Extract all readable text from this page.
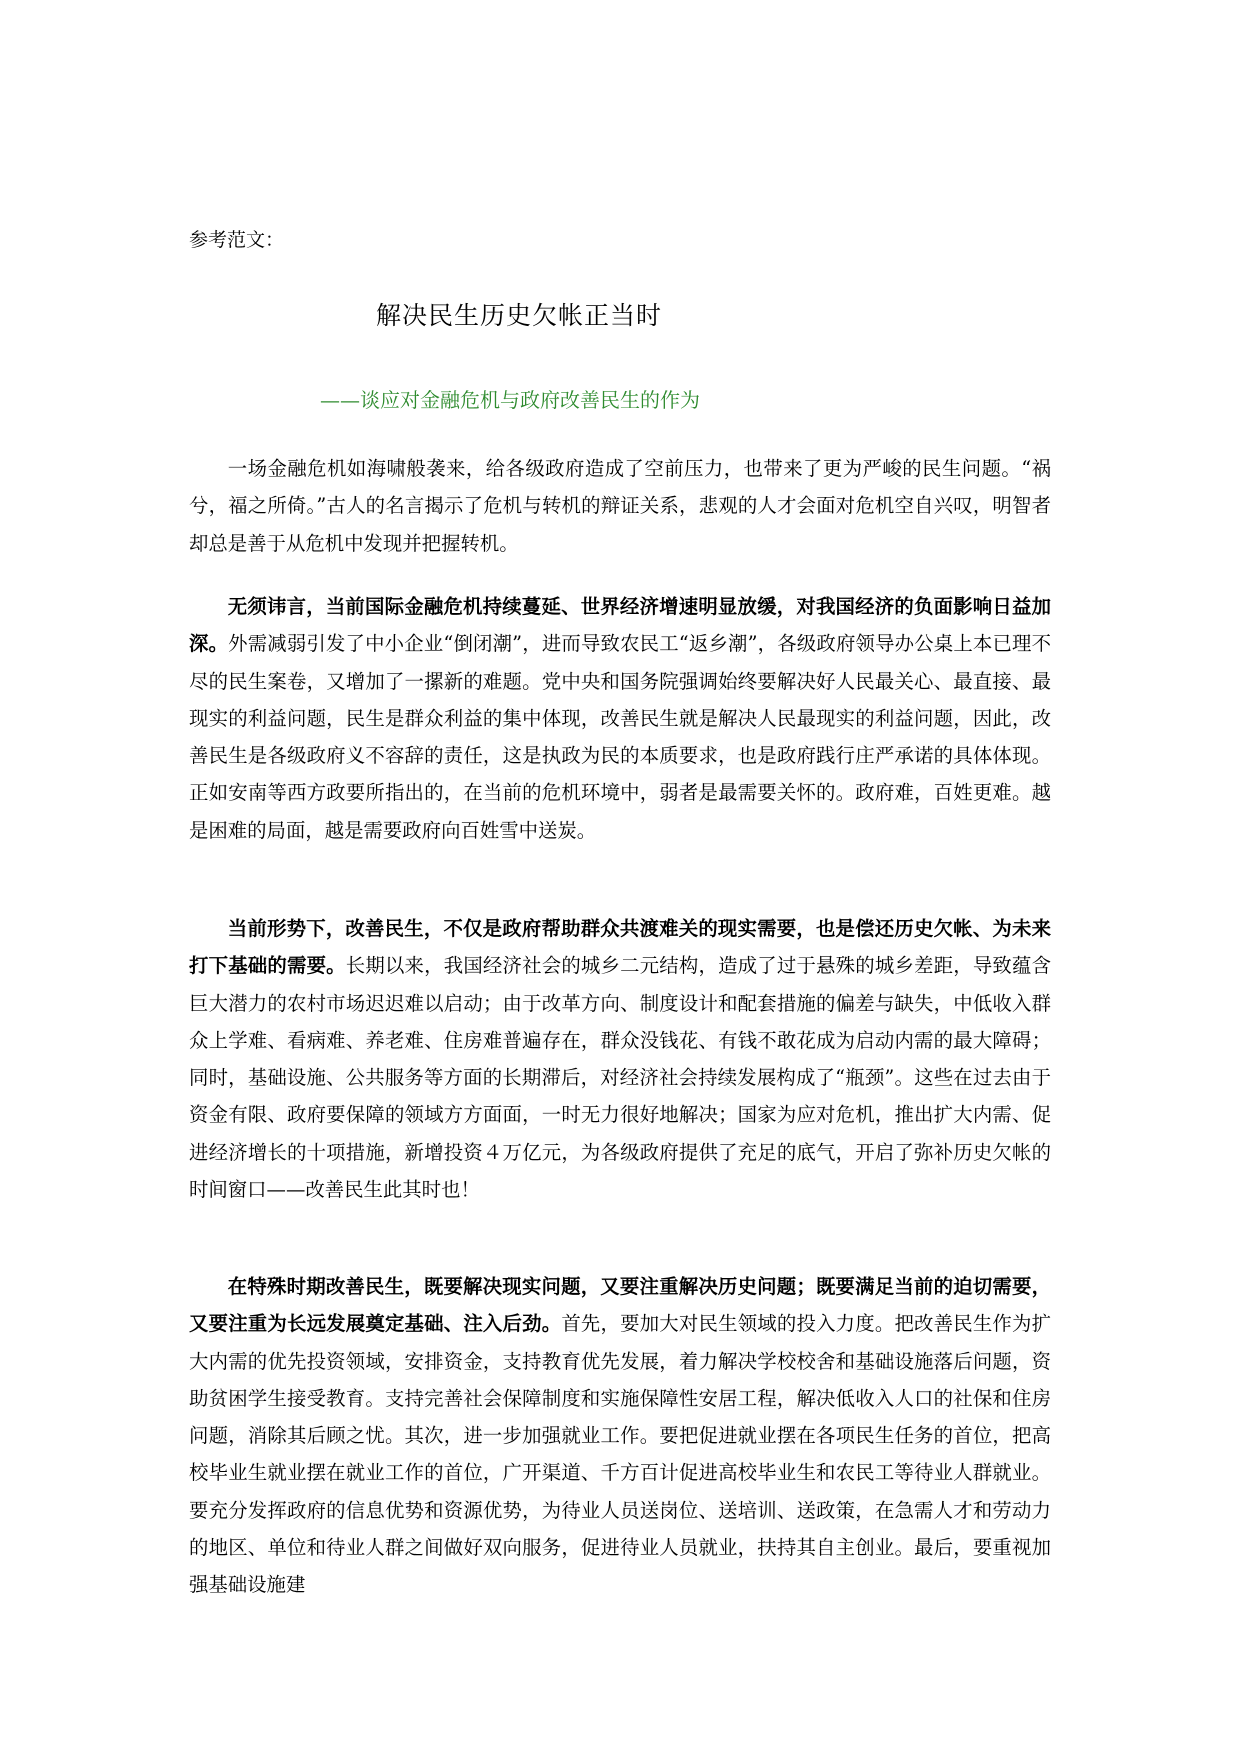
参考范文：
解决民生历史欠帐正当时
——谈应对金融危机与政府改善民生的作为

一场金融危机如海啸般袭来，给各级政府造成了空前压力，也带来了更为严峻的民生问题。“祸兮，福之所倚。”古人的名言揭示了危机与转机的辩证关系，悲观的人才会面对危机空自兴叹，明智者却总是善于从危机中发现并把握转机。

无须讳言，当前国际金融危机持续蔓延、世界经济增速明显放缓，对我国经济的负面影响日益加深。外需减弱引发了中小企业“倒闭潮”，进而导致农民工“返乡潮”，各级政府领导办公桌上本已理不尽的民生案卷，又增加了一摞新的难题。党中央和国务院强调始终要解决好人民最关心、最直接、最现实的利益问题，民生是群众利益的集中体现，改善民生就是解决人民最现实的利益问题，因此，改善民生是各级政府义不容辞的责任，这是执政为民的本质要求，也是政府践行庄严承诺的具体体现。正如安南等西方政要所指出的，在当前的危机环境中，弱者是最需要关怀的。政府难，百姓更难。越是困难的局面，越是需要政府向百姓雪中送炭。

当前形势下，改善民生，不仅是政府帮助群众共渡难关的现实需要，也是偿还历史欠帐、为未来打下基础的需要。长期以来，我国经济社会的城乡二元结构，造成了过于悬殊的城乡差距，导致蕴含巨大潜力的农村市场迟迟难以启动；由于改革方向、制度设计和配套措施的偏差与缺失，中低收入群众上学难、看病难、养老难、住房难普遍存在，群众没钱花、有钱不敢花成为启动内需的最大障碍；同时，基础设施、公共服务等方面的长期滞后，对经济社会持续发展构成了“瓶颈”。这些在过去由于资金有限、政府要保障的领域方方面面，一时无力很好地解决；国家为应对危机，推出扩大内需、促进经济增长的十项措施，新增投资４万亿元，为各级政府提供了充足的底气，开启了弥补历史欠帐的时间窗口——改善民生此其时也！

在特殊时期改善民生，既要解决现实问题，又要注重解决历史问题；既要满足当前的迫切需要，又要注重为长远发展奠定基础、注入后劲。首先，要加大对民生领域的投入力度。把改善民生作为扩大内需的优先投资领域，安排资金，支持教育优先发展，着力解决学校校舍和基础设施落后问题，资助贫困学生接受教育。支持完善社会保障制度和实施保障性安居工程，解决低收入人口的社保和住房问题，消除其后顾之忧。其次，进一步加强就业工作。要把促进就业摆在各项民生任务的首位，把高校毕业生就业摆在就业工作的首位，广开渠道、千方百计促进高校毕业生和农民工等待业人群就业。要充分发挥政府的信息优势和资源优势，为待业人员送岗位、送培训、送政策，在急需人才和劳动力的地区、单位和待业人群之间做好双向服务，促进待业人员就业，扶持其自主创业。最后，要重视加强基础设施建
